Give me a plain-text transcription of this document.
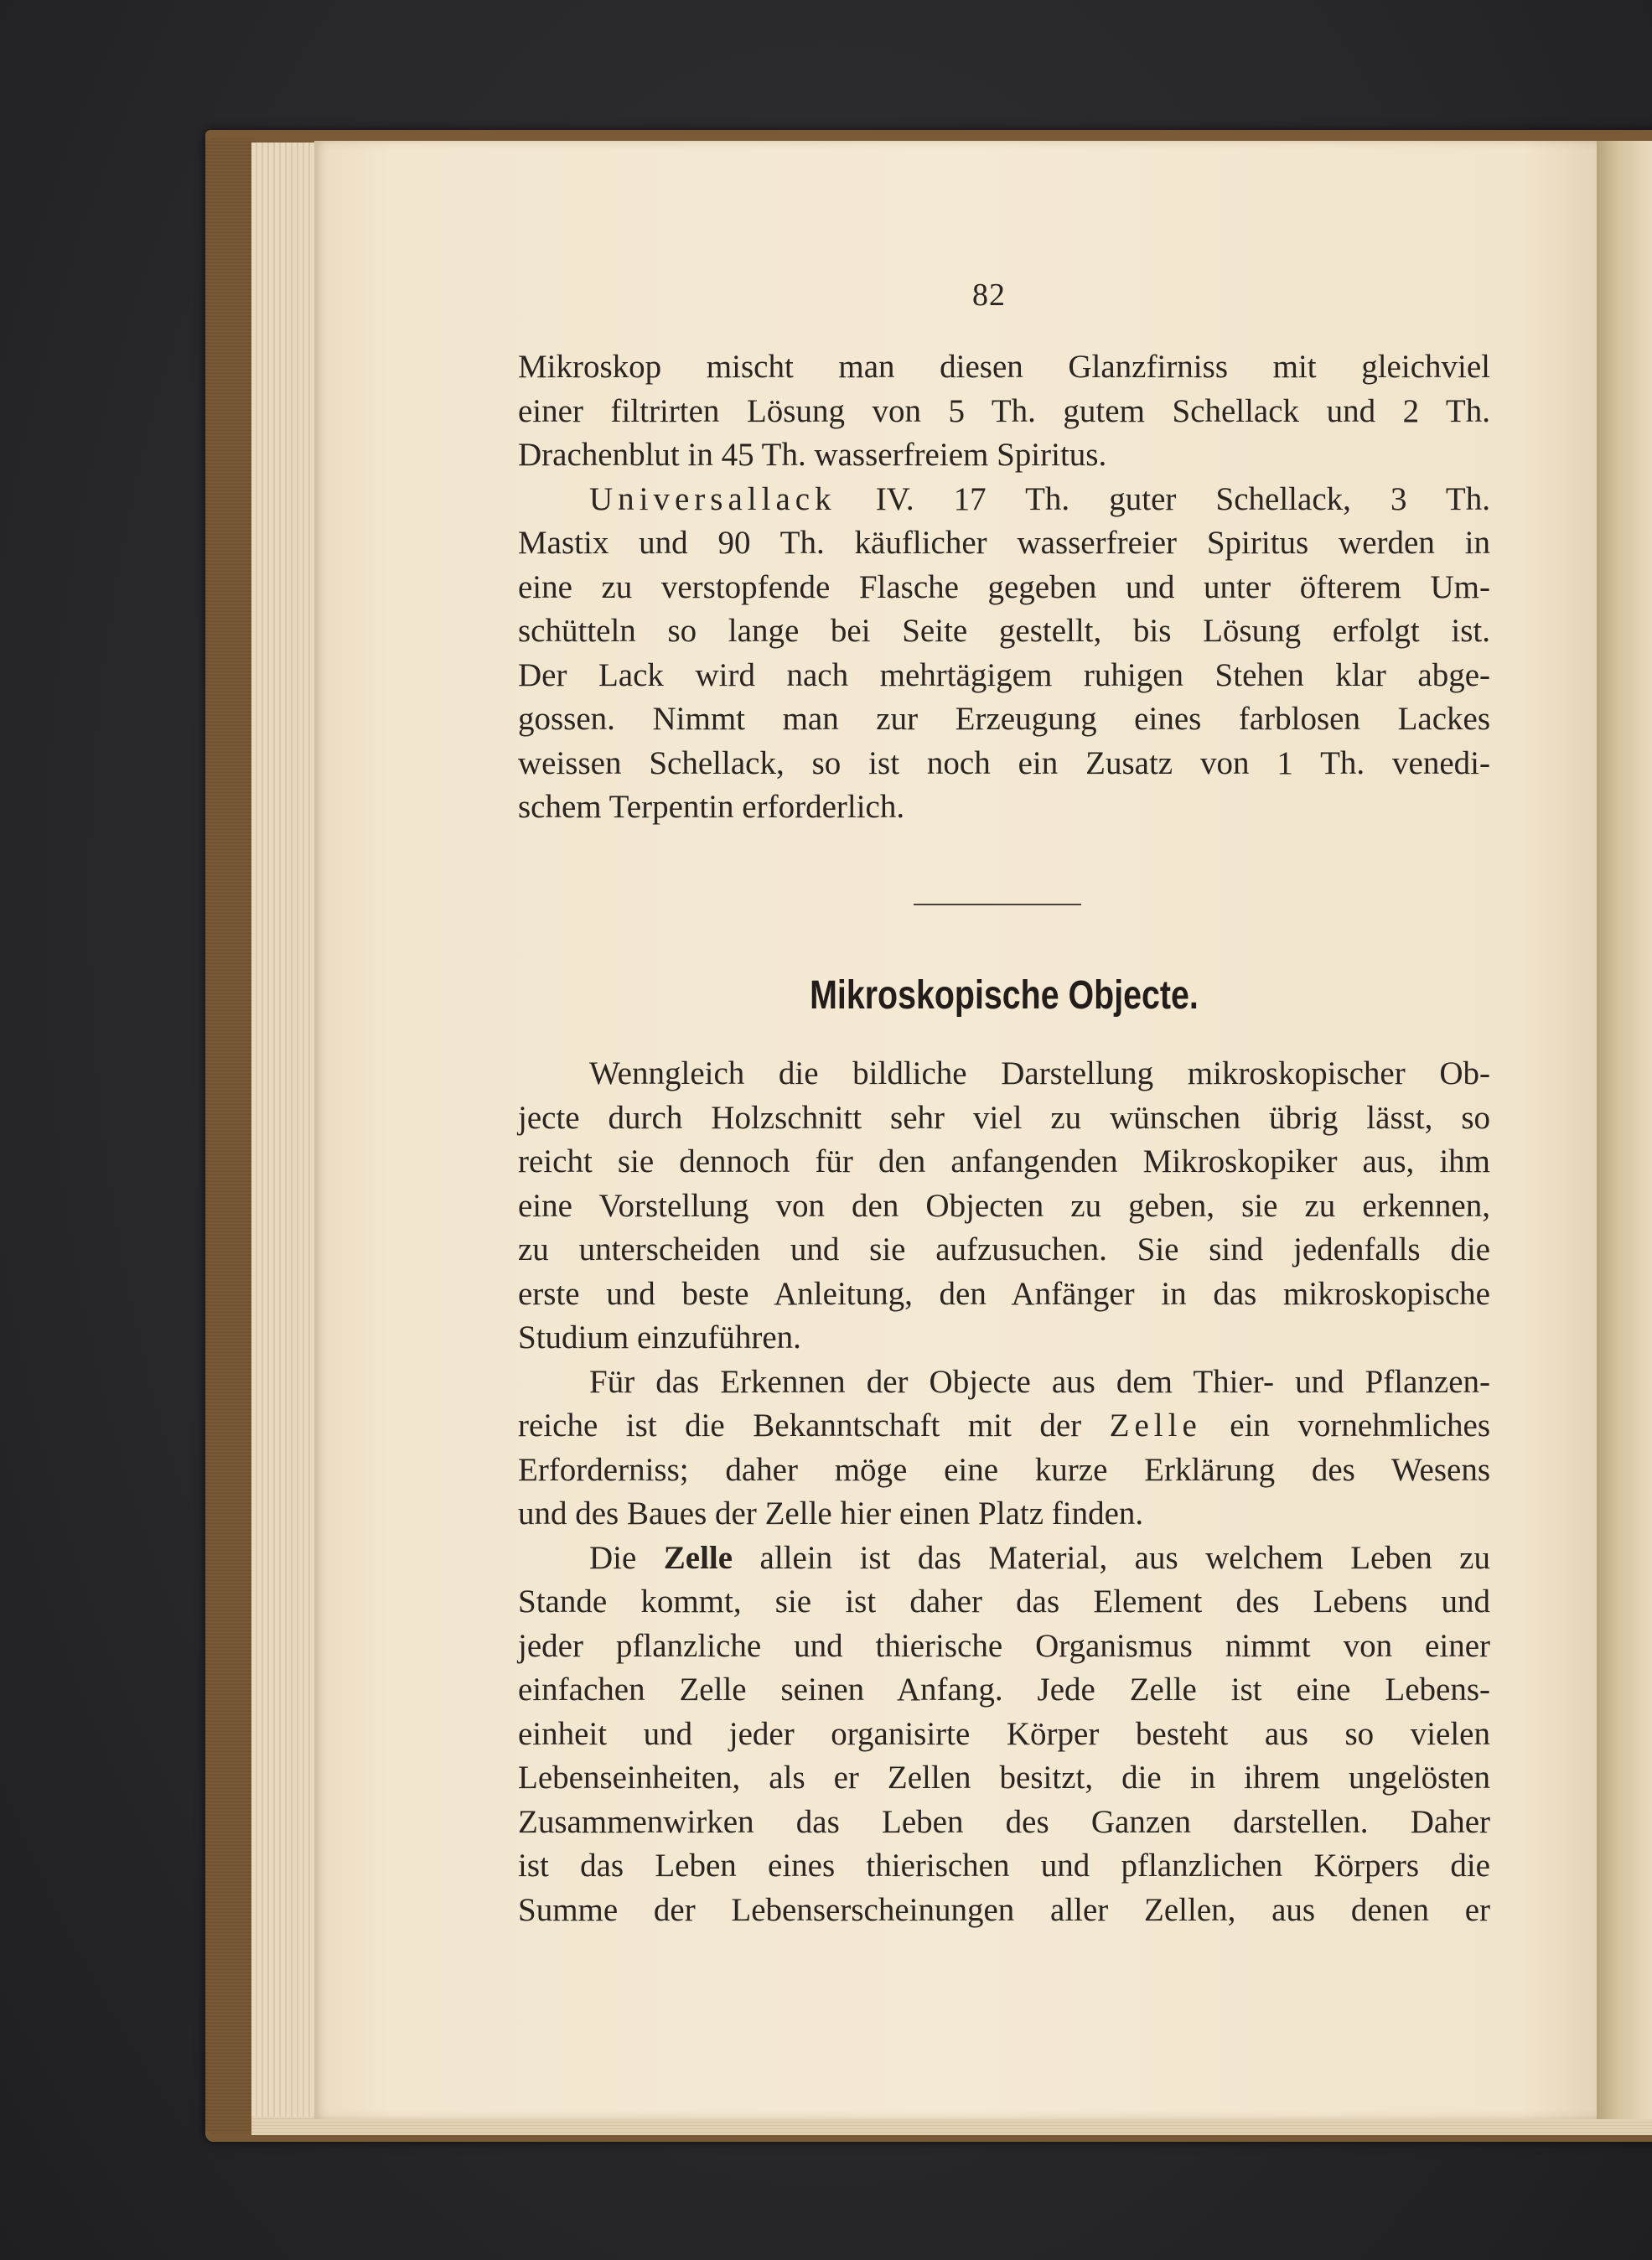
82

Mikroskop mischt man diesen Glanzfirniss mit gleichviel
einer filtrirten Lösung von 5 Th. gutem Schellack und 2 Th.
Drachenblut in 45 Th. wasserfreiem Spiritus.

Universallack IV. 17 Th. guter Schellack, 3 Th.
Mastix und 90 Th. käuflicher wasserfreier Spiritus werden in
eine zu verstopfende Flasche gegeben und unter öfterem Um-
schütteln so lange bei Seite gestellt, bis Lösung erfolgt ist.
Der Lack wird nach mehrtägigem ruhigen Stehen klar abge-
gossen. Nimmt man zur Erzeugung eines farblosen Lackes
weissen Schellack, so ist noch ein Zusatz von 1 Th. venedi-
schem Terpentin erforderlich.

Mikroskopische Objecte.

Wenngleich die bildliche Darstellung mikroskopischer Ob-
jecte durch Holzschnitt sehr viel zu wünschen übrig lässt, so
reicht sie dennoch für den anfangenden Mikroskopiker aus, ihm
eine Vorstellung von den Objecten zu geben, sie zu erkennen,
zu unterscheiden und sie aufzusuchen. Sie sind jedenfalls die
erste und beste Anleitung, den Anfänger in das mikroskopische
Studium einzuführen.

Für das Erkennen der Objecte aus dem Thier- und Pflanzen-
reiche ist die Bekanntschaft mit der Zelle ein vornehmliches
Erforderniss; daher möge eine kurze Erklärung des Wesens
und des Baues der Zelle hier einen Platz finden.

Die Zelle allein ist das Material, aus welchem Leben zu
Stande kommt, sie ist daher das Element des Lebens und
jeder pflanzliche und thierische Organismus nimmt von einer
einfachen Zelle seinen Anfang. Jede Zelle ist eine Lebens-
einheit und jeder organisirte Körper besteht aus so vielen
Lebenseinheiten, als er Zellen besitzt, die in ihrem ungelösten
Zusammenwirken das Leben des Ganzen darstellen. Daher
ist das Leben eines thierischen und pflanzlichen Körpers die
Summe der Lebenserscheinungen aller Zellen, aus denen er
